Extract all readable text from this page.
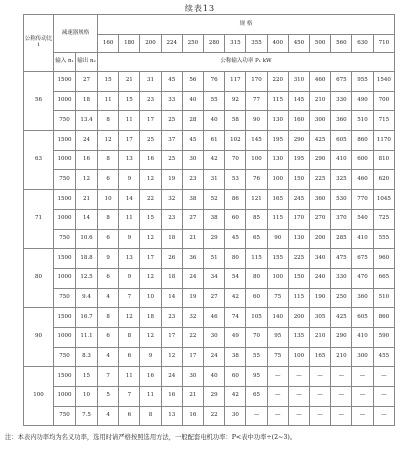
续表13
公称传动比 i	减速器规格		规 格													
			160	180	200	224	250	280	315	355	400	450	500	560	630	710
	输入 n₁	输出 n₂	公称输入功率 P₁ kW													
56	1500	27	15	21	31	45	56	76	117	170	220	310	460	675	955	1540
	1000	18	11	15	23	33	40	55	92	77	115	145	210	330	490	700
	750	13.4	8	11	17	25	28	40	58	90	130	160	300	360	510	715
63	1500	24	12	17	25	37	45	61	102	145	195	290	425	605	860	1170
	1000	16	8	13	16	25	30	42	70	100	130	195	290	410	600	810
	750	12	6	9	12	19	23	31	53	76	100	150	225	325	460	620
71	1500	21	10	14	22	32	38	52	86	121	165	245	360	530	770	1045
	1000	14	8	11	15	23	27	38	60	85	115	170	270	370	540	725
	750	10.6	6	9	12	18	21	29	45	65	90	130	200	285	410	555
80	1500	18.8	9	13	17	26	36	51	80	115	155	225	340	475	675	960
	1000	12.5	6	9	12	18	24	34	54	80	100	150	240	330	470	665
	750	9.4	4	7	10	14	19	27	42	60	75	115	190	250	360	510
90	1500	16.7	8	12	18	23	32	46	74	105	140	200	305	425	605	860
	1000	11.1	6	8	12	17	22	30	49	70	95	135	210	290	410	590
	750	8.3	4	6	9	12	17	24	38	55	75	100	165	210	300	455
100	1500	15	7	11	16	24	30	40	60	95	—	—	—	—	—	—
	1000	10	5	7	11	16	21	29	42	65	—	—	—	—	—	—
	750	7.5	4	6	8	13	16	22	30	—	—	—	—	—	—	—
注：本表内功率均为名义功率，选用时请严格按照选用方法，一般配套电机功率：P<表中功率÷(2~3)。
